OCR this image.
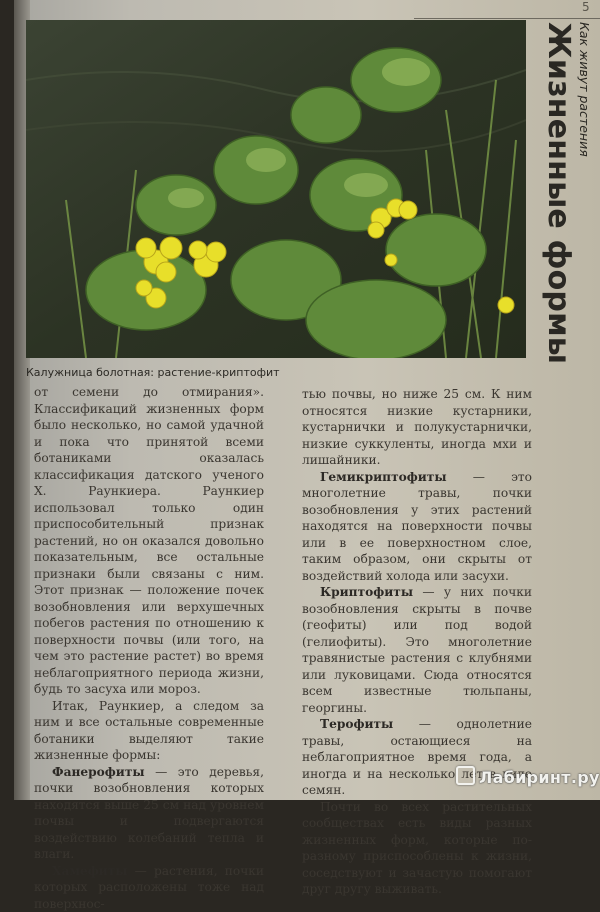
5
Калужница болотная: растение-криптофит
Как живут растения
Жизненные формы

от семени до отмирания». Классификаций жизненных форм было несколько, но самой удачной и пока что принятой всеми ботаниками оказалась классификация датского ученого Х. Раункиера. Раункиер использовал только один приспособительный признак растений, но он оказался довольно показательным, все остальные признаки были связаны с ним. Этот признак — положение почек возобновления или верхушечных побегов растения по отношению к поверхности почвы (или того, на чем это растение растет) во время неблагоприятного периода жизни, будь то засуха или мороз.

Итак, Раункиер, а следом за ним и все остальные современные ботаники выделяют такие жизненные формы:

Фанерофиты — это деревья, почки возобновления которых находятся выше 25 см над уровнем почвы и подвергаются воздействию колебаний тепла и влаги.

Хамефиты — растения, почки которых расположены тоже над поверхнос-

тью почвы, но ниже 25 см. К ним относятся низкие кустарники, кустарнички и полукустарнички, низкие суккуленты, иногда мхи и лишайники.

Гемикриптофиты — это многолетние травы, почки возобновления у этих растений находятся на поверхности почвы или в ее поверхностном слое, таким образом, они скрыты от воздействий холода или засухи.

Криптофиты — у них почки возобновления скрыты в почве (геофиты) или под водой (гелиофиты). Это многолетние травянистые растения с клубнями или луковицами. Сюда относятся всем известные тюльпаны, георгины.

Терофиты — однолетние травы, остающиеся на неблагоприятное время года, а иногда и на несколько лет в виде семян.

Почти во всех растительных сообществах есть виды разных жизненных форм, которые по-разному приспособлены к жизни, соседствуют и зачастую помогают друг другу выживать.

Лабиринт.ру
